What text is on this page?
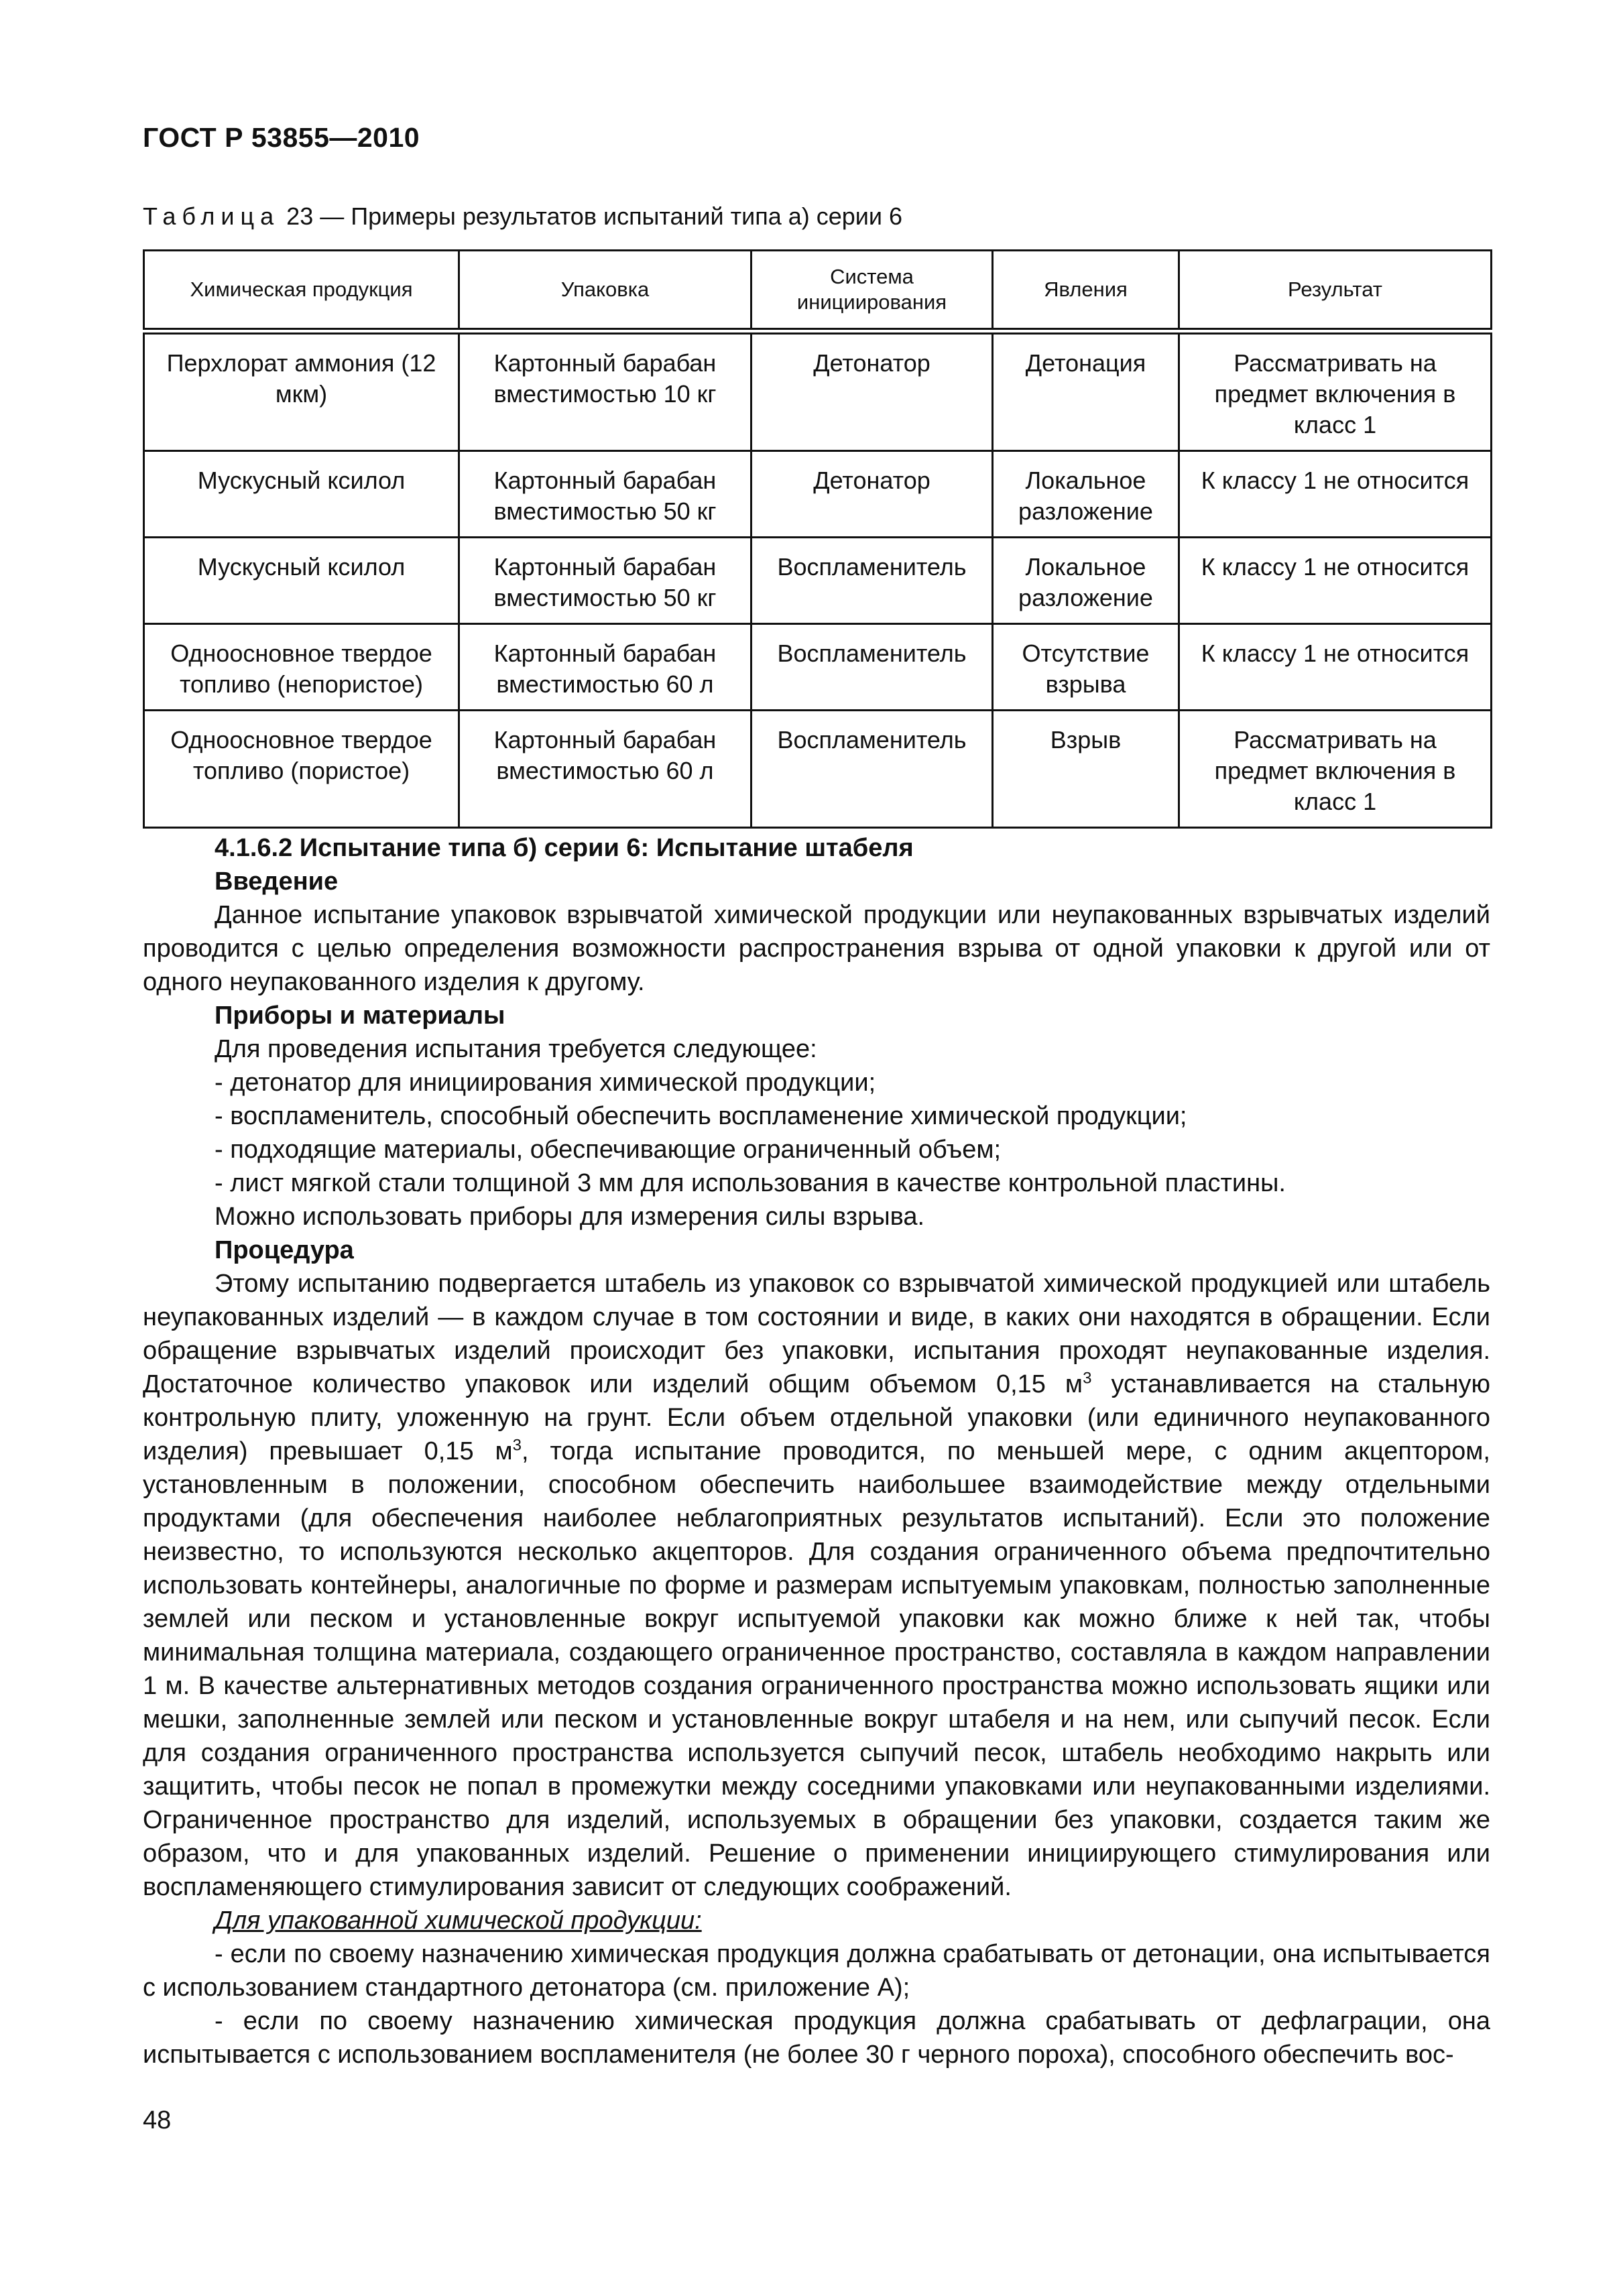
ГОСТ Р 53855—2010
Таблица 23 — Примеры результатов испытаний типа а) серии 6
Химическая продукция	Упаковка	Система инициирования	Явления	Результат
Перхлорат аммония (12 мкм)	Картонный барабан вместимостью 10 кг	Детонатор	Детонация	Рассматривать на предмет включения в класс 1
Мускусный ксилол	Картонный барабан вместимостью 50 кг	Детонатор	Локальное разложение	К классу 1 не относится
Мускусный ксилол	Картонный барабан вместимостью 50 кг	Воспламенитель	Локальное разложение	К классу 1 не относится
Одноосновное твердое топливо (непористое)	Картонный барабан вместимостью 60 л	Воспламенитель	Отсутствие взрыва	К классу 1 не относится
Одноосновное твердое топливо (пористое)	Картонный барабан вместимостью 60 л	Воспламенитель	Взрыв	Рассматривать на предмет включения в класс 1

4.1.6.2 Испытание типа б) серии 6: Испытание штабеля

Введение

Данное испытание упаковок взрывчатой химической продукции или неупакованных взрывчатых изделий проводится с целью определения возможности распространения взрыва от одной упаковки к другой или от одного неупакованного изделия к другому.

Приборы и материалы

Для проведения испытания требуется следующее:

- детонатор для инициирования химической продукции;

- воспламенитель, способный обеспечить воспламенение химической продукции;

- подходящие материалы, обеспечивающие ограниченный объем;

- лист мягкой стали толщиной 3 мм для использования в качестве контрольной пластины.

Можно использовать приборы для измерения силы взрыва.

Процедура

Этому испытанию подвергается штабель из упаковок со взрывчатой химической продукцией или штабель неупакованных изделий — в каждом случае в том состоянии и виде, в каких они находятся в обращении. Если обращение взрывчатых изделий происходит без упаковки, испытания проходят неупакованные изделия. Достаточное количество упаковок или изделий общим объемом 0,15 $м^3$ устанавливается на стальную контрольную плиту, уложенную на грунт. Если объем отдельной упаковки (или единичного неупакованного изделия) превышает 0,15 $м^3$, тогда испытание проводится, по меньшей мере, с одним акцептором, установленным в положении, способном обеспечить наибольшее взаимодействие между отдельными продуктами (для обеспечения наиболее неблагоприятных результатов испытаний). Если это положение неизвестно, то используются несколько акцепторов. Для создания ограниченного объема предпочтительно использовать контейнеры, аналогичные по форме и размерам испытуемым упаковкам, полностью заполненные землей или песком и установленные вокруг испытуемой упаковки как можно ближе к ней так, чтобы минимальная толщина материала, создающего ограниченное пространство, составляла в каждом направлении 1 м. В качестве альтернативных методов создания ограниченного пространства можно использовать ящики или мешки, заполненные землей или песком и установленные вокруг штабеля и на нем, или сыпучий песок. Если для создания ограниченного пространства используется сыпучий песок, штабель необходимо накрыть или защитить, чтобы песок не попал в промежутки между соседними упаковками или неупакованными изделиями. Ограниченное пространство для изделий, используемых в обращении без упаковки, создается таким же образом, что и для упакованных изделий. Решение о применении инициирующего стимулирования или воспламеняющего стимулирования зависит от следующих соображений.

Для упакованной химической продукции:

- если по своему назначению химическая продукция должна срабатывать от детонации, она испытывается с использованием стандартного детонатора (см. приложение А);

- если по своему назначению химическая продукция должна срабатывать от дефлаграции, она испытывается с использованием воспламенителя (не более 30 г черного пороха), способного обеспечить вос-

48
